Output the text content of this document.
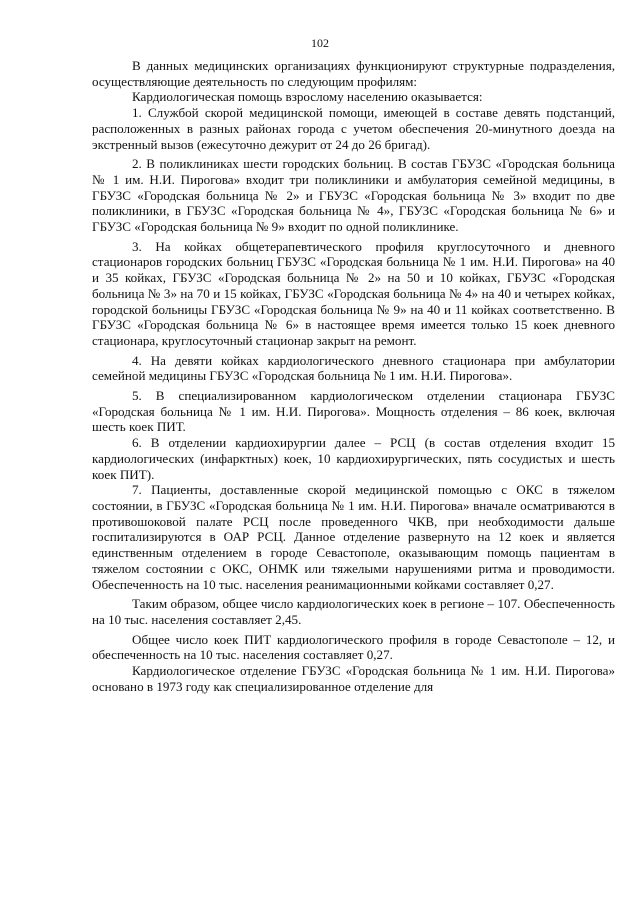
102

В данных медицинских организациях функционируют структурные подразделения, осуществляющие деятельность по следующим профилям:

Кардиологическая помощь взрослому населению оказывается:

1. Службой скорой медицинской помощи, имеющей в составе девять подстанций, расположенных в разных районах города с учетом обеспечения 20-минутного доезда на экстренный вызов (ежесуточно дежурит от 24 до 26 бригад).

2. В поликлиниках шести городских больниц. В состав ГБУЗС «Городская больница № 1 им. Н.И. Пирогова» входит три поликлиники и амбулатория семейной медицины, в ГБУЗС «Городская больница № 2» и ГБУЗС «Городская больница № 3» входит по две поликлиники, в ГБУЗС «Городская больница № 4», ГБУЗС «Городская больница № 6» и ГБУЗС «Городская больница № 9» входит по одной поликлинике.

3. На койках общетерапевтического профиля круглосуточного и дневного стационаров городских больниц ГБУЗС «Городская больница № 1 им. Н.И. Пирогова» на 40 и 35 койках, ГБУЗС «Городская больница № 2» на 50 и 10 койках, ГБУЗС «Городская больница № 3» на 70 и 15 койках, ГБУЗС «Городская больница № 4» на 40 и четырех койках, городской больницы ГБУЗС «Городская больница № 9» на 40 и 11 койках соответственно. В ГБУЗС «Городская больница № 6» в настоящее время имеется только 15 коек дневного стационара, круглосуточный стационар закрыт на ремонт.

4. На девяти койках кардиологического дневного стационара при амбулатории семейной медицины ГБУЗС «Городская больница № 1 им. Н.И. Пирогова».

5. В специализированном кардиологическом отделении стационара ГБУЗС «Городская больница № 1 им. Н.И. Пирогова». Мощность отделения – 86 коек, включая шесть коек ПИТ.

6. В отделении кардиохирургии далее – РСЦ (в состав отделения входит 15 кардиологических (инфарктных) коек, 10 кардиохирургических, пять сосудистых и шесть коек ПИТ).

7. Пациенты, доставленные скорой медицинской помощью с ОКС в тяжелом состоянии, в ГБУЗС «Городская больница № 1 им. Н.И. Пирогова» вначале осматриваются в противошоковой палате РСЦ после проведенного ЧКВ, при необходимости дальше госпитализируются в ОАР РСЦ. Данное отделение развернуто на 12 коек и является единственным отделением в городе Севастополе, оказывающим помощь пациентам в тяжелом состоянии с ОКС, ОНМК или тяжелыми нарушениями ритма и проводимости. Обеспеченность на 10 тыс. населения реанимационными койками составляет 0,27.

Таким образом, общее число кардиологических коек в регионе – 107. Обеспеченность на 10 тыс. населения составляет 2,45.

Общее число коек ПИТ кардиологического профиля в городе Севастополе – 12, и обеспеченность на 10 тыс. населения составляет 0,27.

Кардиологическое отделение ГБУЗС «Городская больница № 1 им. Н.И. Пирогова» основано в 1973 году как специализированное отделение для
